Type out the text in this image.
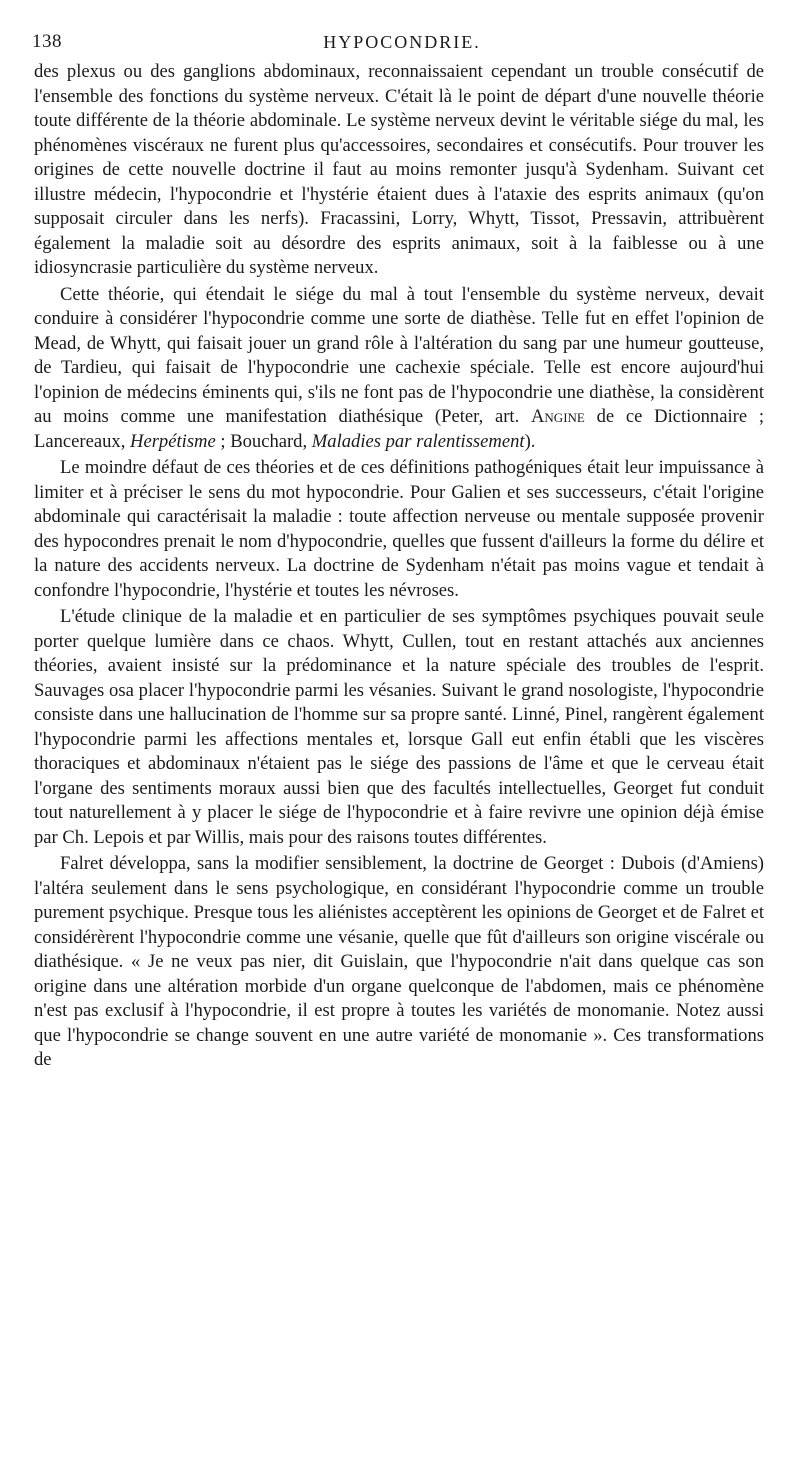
138	HYPOCONDRIE.

des plexus ou des ganglions abdominaux, reconnaissaient cependant un trouble consécutif de l'ensemble des fonctions du système nerveux. C'était là le point de départ d'une nouvelle théorie toute différente de la théorie abdominale. Le système nerveux devint le véritable siége du mal, les phénomènes viscéraux ne furent plus qu'accessoires, secondaires et consécutifs. Pour trouver les origines de cette nouvelle doctrine il faut au moins remonter jusqu'à Sydenham. Suivant cet illustre médecin, l'hypocondrie et l'hystérie étaient dues à l'ataxie des esprits animaux (qu'on supposait circuler dans les nerfs). Fracassini, Lorry, Whytt, Tissot, Pressavin, attribuèrent également la maladie soit au désordre des esprits animaux, soit à la faiblesse ou à une idiosyncrasie particulière du système nerveux.

Cette théorie, qui étendait le siége du mal à tout l'ensemble du système nerveux, devait conduire à considérer l'hypocondrie comme une sorte de diathèse. Telle fut en effet l'opinion de Mead, de Whytt, qui faisait jouer un grand rôle à l'altération du sang par une humeur goutteuse, de Tardieu, qui faisait de l'hypocondrie une cachexie spéciale. Telle est encore aujourd'hui l'opinion de médecins éminents qui, s'ils ne font pas de l'hypocondrie une diathèse, la considèrent au moins comme une manifestation diathésique (Peter, art. Angine de ce Dictionnaire ; Lancereaux, Herpétisme ; Bouchard, Maladies par ralentissement).

Le moindre défaut de ces théories et de ces définitions pathogéniques était leur impuissance à limiter et à préciser le sens du mot hypocondrie. Pour Galien et ses successeurs, c'était l'origine abdominale qui caractérisait la maladie : toute affection nerveuse ou mentale supposée provenir des hypocondres prenait le nom d'hypocondrie, quelles que fussent d'ailleurs la forme du délire et la nature des accidents nerveux. La doctrine de Sydenham n'était pas moins vague et tendait à confondre l'hypocondrie, l'hystérie et toutes les névroses.

L'étude clinique de la maladie et en particulier de ses symptômes psychiques pouvait seule porter quelque lumière dans ce chaos. Whytt, Cullen, tout en restant attachés aux anciennes théories, avaient insisté sur la prédominance et la nature spéciale des troubles de l'esprit. Sauvages osa placer l'hypocondrie parmi les vésanies. Suivant le grand nosologiste, l'hypocondrie consiste dans une hallucination de l'homme sur sa propre santé. Linné, Pinel, rangèrent également l'hypocondrie parmi les affections mentales et, lorsque Gall eut enfin établi que les viscères thoraciques et abdominaux n'étaient pas le siége des passions de l'âme et que le cerveau était l'organe des sentiments moraux aussi bien que des facultés intellectuelles, Georget fut conduit tout naturellement à y placer le siége de l'hypocondrie et à faire revivre une opinion déjà émise par Ch. Lepois et par Willis, mais pour des raisons toutes différentes.

Falret développa, sans la modifier sensiblement, la doctrine de Georget : Dubois (d'Amiens) l'altéra seulement dans le sens psychologique, en considérant l'hypocondrie comme un trouble purement psychique. Presque tous les aliénistes acceptèrent les opinions de Georget et de Falret et considérèrent l'hypocondrie comme une vésanie, quelle que fût d'ailleurs son origine viscérale ou diathésique. « Je ne veux pas nier, dit Guislain, que l'hypocondrie n'ait dans quelque cas son origine dans une altération morbide d'un organe quelconque de l'abdomen, mais ce phénomène n'est pas exclusif à l'hypocondrie, il est propre à toutes les variétés de monomanie. Notez aussi que l'hypocondrie se change souvent en une autre variété de monomanie ». Ces transformations de
